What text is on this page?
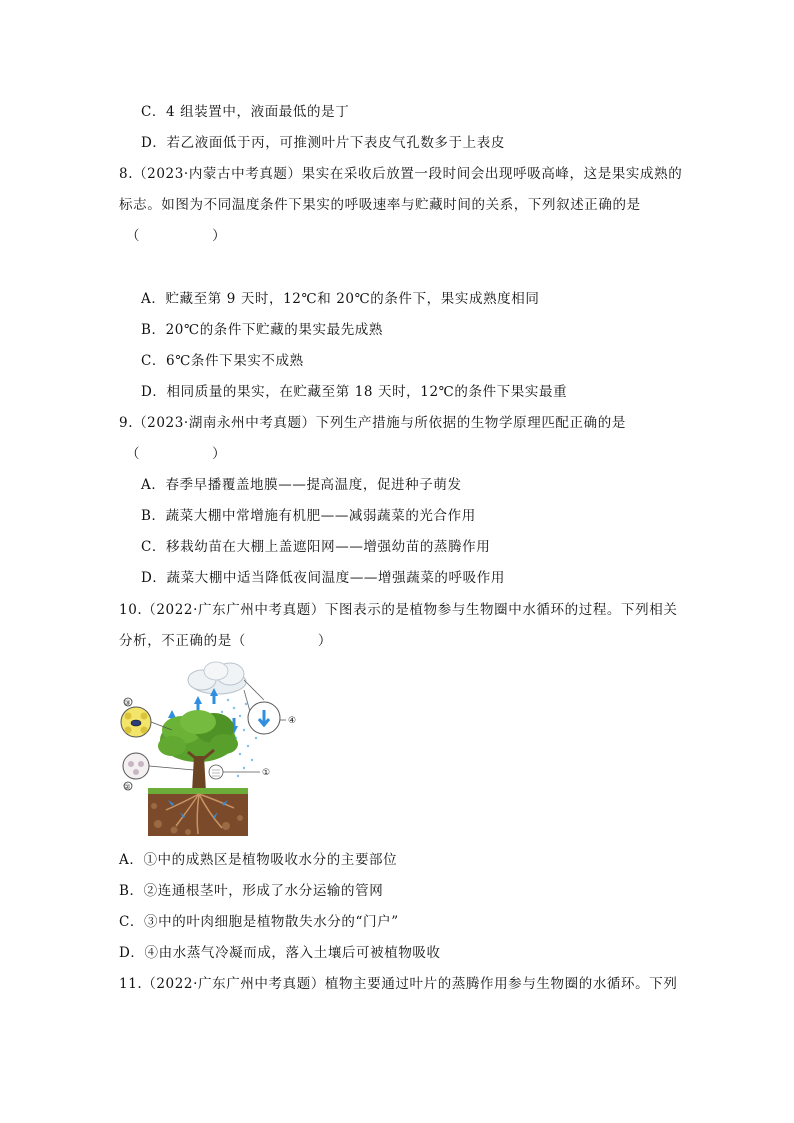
C．4 组装置中，液面最低的是丁
D．若乙液面低于丙，可推测叶片下表皮气孔数多于上表皮
8.（2023·内蒙古中考真题）果实在采收后放置一段时间会出现呼吸高峰，这是果实成熟的
标志。如图为不同温度条件下果实的呼吸速率与贮藏时间的关系，下列叙述正确的是
（	）
A．贮藏至第 9 天时，12℃和 20℃的条件下，果实成熟度相同
B．20℃的条件下贮藏的果实最先成熟
C．6℃条件下果实不成熟
D．相同质量的果实，在贮藏至第 18 天时，12℃的条件下果实最重
9.（2023·湖南永州中考真题）下列生产措施与所依据的生物学原理匹配正确的是
（	）
A．春季早播覆盖地膜——提高温度，促进种子萌发
B．蔬菜大棚中常增施有机肥——减弱蔬菜的光合作用
C．移栽幼苗在大棚上盖遮阳网——增强幼苗的蒸腾作用
D．蔬菜大棚中适当降低夜间温度——增强蔬菜的呼吸作用
10.（2022·广东广州中考真题）下图表示的是植物参与生物圈中水循环的过程。下列相关
分析，不正确的是（	）
④
③
②
①
A．①中的成熟区是植物吸收水分的主要部位
B．②连通根茎叶，形成了水分运输的管网
C．③中的叶肉细胞是植物散失水分的“门户”
D．④由水蒸气冷凝而成，落入土壤后可被植物吸收
11.（2022·广东广州中考真题）植物主要通过叶片的蒸腾作用参与生物圈的水循环。下列
